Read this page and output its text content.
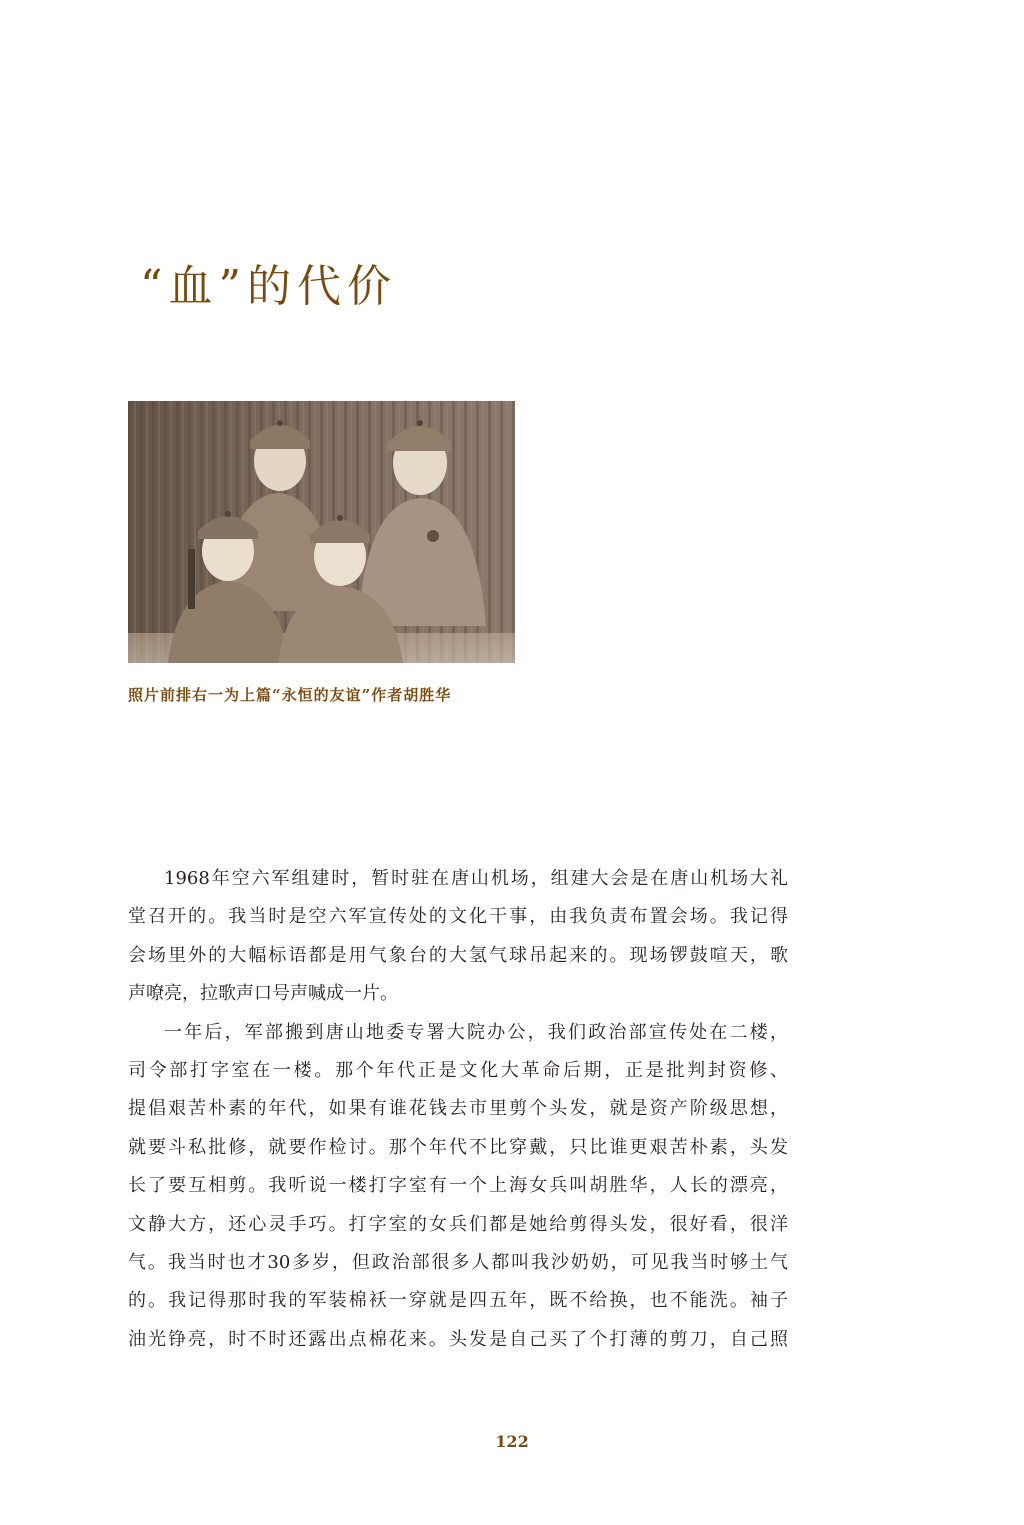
“血”的代价

照片前排右一为上篇“永恒的友谊”作者胡胜华

1968年空六军组建时，暂时驻在唐山机场，组建大会是在唐山机场大礼

堂召开的。我当时是空六军宣传处的文化干事，由我负责布置会场。我记得

会场里外的大幅标语都是用气象台的大氢气球吊起来的。现场锣鼓喧天，歌

声嘹亮，拉歌声口号声喊成一片。

一年后，军部搬到唐山地委专署大院办公，我们政治部宣传处在二楼，

司令部打字室在一楼。那个年代正是文化大革命后期，正是批判封资修、

提倡艰苦朴素的年代，如果有谁花钱去市里剪个头发，就是资产阶级思想，

就要斗私批修，就要作检讨。那个年代不比穿戴，只比谁更艰苦朴素，头发

长了要互相剪。我听说一楼打字室有一个上海女兵叫胡胜华，人长的漂亮，

文静大方，还心灵手巧。打字室的女兵们都是她给剪得头发，很好看，很洋

气。我当时也才30多岁，但政治部很多人都叫我沙奶奶，可见我当时够土气

的。我记得那时我的军装棉袄一穿就是四五年，既不给换，也不能洗。袖子

油光铮亮，时不时还露出点棉花来。头发是自己买了个打薄的剪刀，自己照

122
